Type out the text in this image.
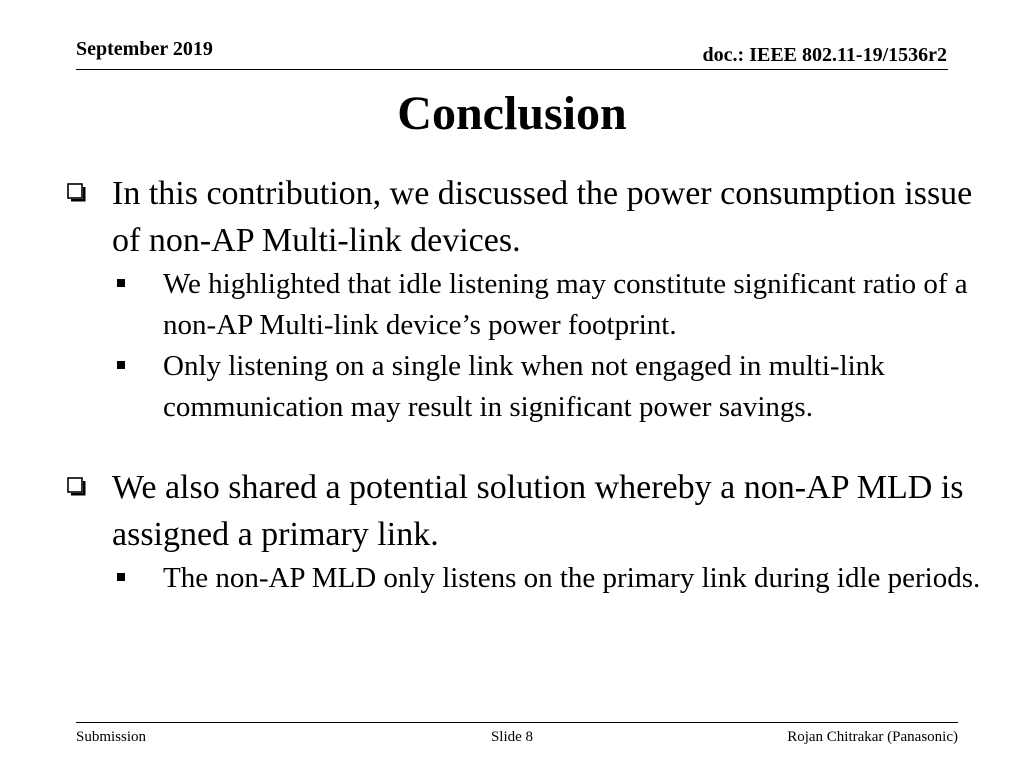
September 2019	doc.: IEEE 802.11-19/1536r2
Conclusion
In this contribution, we discussed the power consumption issue of non-AP Multi-link devices.
We highlighted that idle listening may constitute significant ratio of a non-AP Multi-link device’s power footprint.
Only listening on a single link when not engaged in multi-link communication may result in significant power savings.
We also shared a potential solution whereby a non-AP MLD is assigned a primary link.
The non-AP MLD only listens on the primary link during idle periods.
Submission	Slide 8	Rojan Chitrakar (Panasonic)
